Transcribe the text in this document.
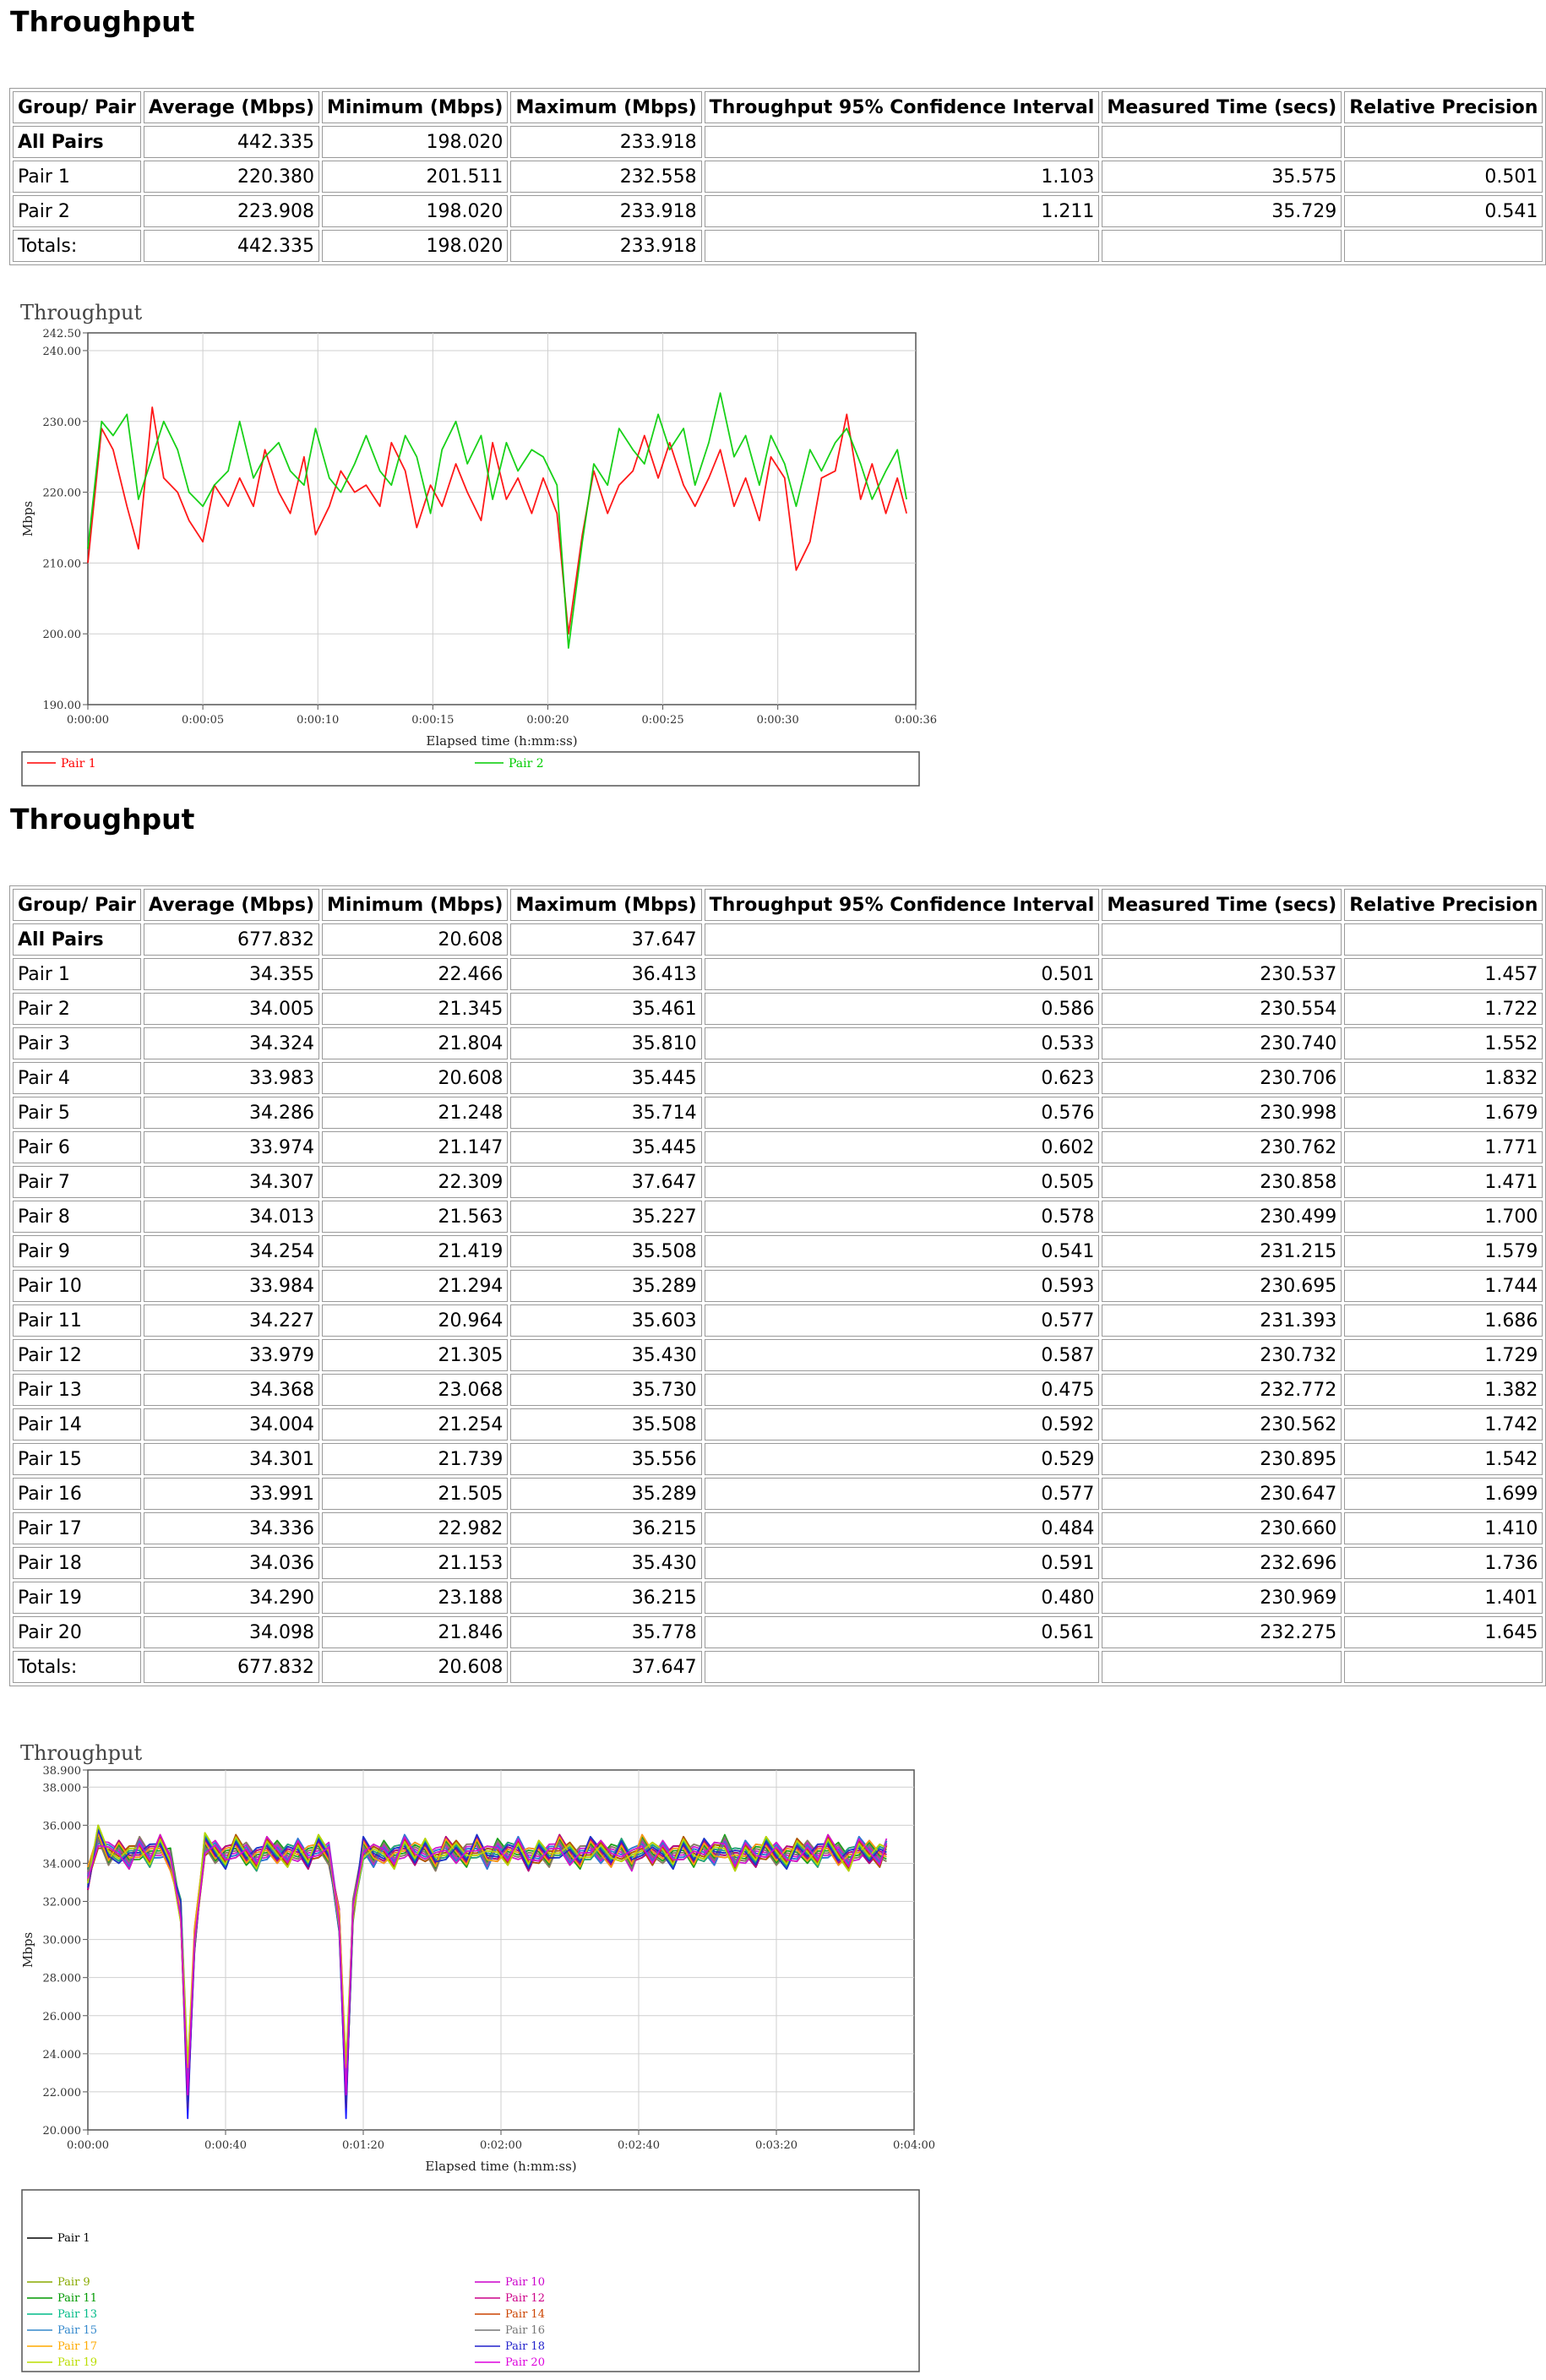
Throughput
Group/ Pair	Average (Mbps)	Minimum (Mbps)	Maximum (Mbps)	Throughput 95% Confidence Interval	Measured Time (secs)	Relative Precision
All Pairs	442.335	198.020	233.918			
Pair 1	220.380	201.511	232.558	1.103	35.575	0.501
Pair 2	223.908	198.020	233.918	1.211	35.729	0.541
Totals:	442.335	198.020	233.918			
Throughput
190.00
200.00
210.00
220.00
230.00
240.00
242.50
0:00:00	0:00:05	0:00:10	0:00:15	0:00:20	0:00:25	0:00:30	0:00:36
Elapsed time (h:mm:ss)
Mbps
Pair 1	Pair 2
Throughput
Group/ Pair	Average (Mbps)	Minimum (Mbps)	Maximum (Mbps)	Throughput 95% Confidence Interval	Measured Time (secs)	Relative Precision
All Pairs	677.832	20.608	37.647			
Pair 1	34.355	22.466	36.413	0.501	230.537	1.457
Pair 2	34.005	21.345	35.461	0.586	230.554	1.722
Pair 3	34.324	21.804	35.810	0.533	230.740	1.552
Pair 4	33.983	20.608	35.445	0.623	230.706	1.832
Pair 5	34.286	21.248	35.714	0.576	230.998	1.679
Pair 6	33.974	21.147	35.445	0.602	230.762	1.771
Pair 7	34.307	22.309	37.647	0.505	230.858	1.471
Pair 8	34.013	21.563	35.227	0.578	230.499	1.700
Pair 9	34.254	21.419	35.508	0.541	231.215	1.579
Pair 10	33.984	21.294	35.289	0.593	230.695	1.744
Pair 11	34.227	20.964	35.603	0.577	231.393	1.686
Pair 12	33.979	21.305	35.430	0.587	230.732	1.729
Pair 13	34.368	23.068	35.730	0.475	232.772	1.382
Pair 14	34.004	21.254	35.508	0.592	230.562	1.742
Pair 15	34.301	21.739	35.556	0.529	230.895	1.542
Pair 16	33.991	21.505	35.289	0.577	230.647	1.699
Pair 17	34.336	22.982	36.215	0.484	230.660	1.410
Pair 18	34.036	21.153	35.430	0.591	232.696	1.736
Pair 19	34.290	23.188	36.215	0.480	230.969	1.401
Pair 20	34.098	21.846	35.778	0.561	232.275	1.645
Totals:	677.832	20.608	37.647			
Throughput
20.000
22.000
24.000
26.000
28.000
30.000
32.000
34.000
36.000
38.000
38.900
0:00:00	0:00:40	0:01:20	0:02:00	0:02:40	0:03:20	0:04:00
Elapsed time (h:mm:ss)
Mbps
Pair 1
Pair 9
Pair 11
Pair 13
Pair 15
Pair 17
Pair 19
Pair 10
Pair 12
Pair 14
Pair 16
Pair 18
Pair 20
